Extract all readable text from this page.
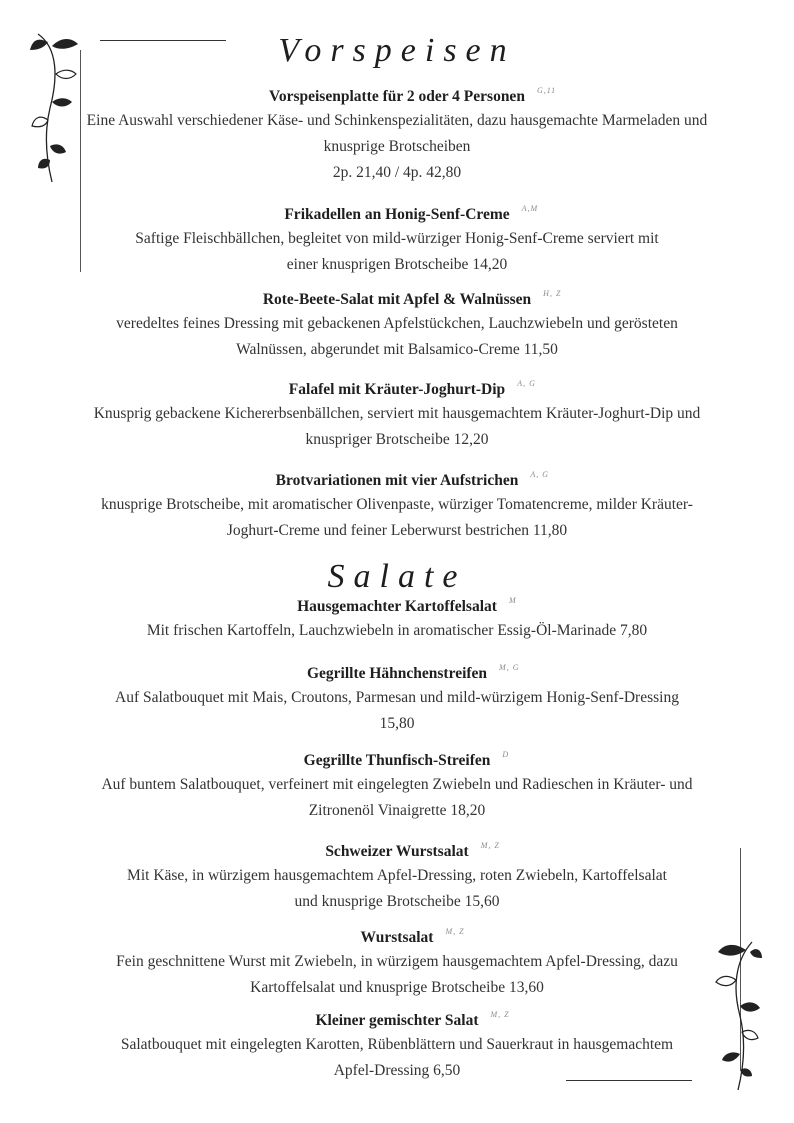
Vorspeisen
Vorspeisenplatte für 2 oder 4 Personen G,11
Eine Auswahl verschiedener Käse- und Schinkenspezialitäten, dazu hausgemachte Marmeladen und knusprige Brotscheiben
2p. 21,40 / 4p. 42,80
Frikadellen an Honig-Senf-Creme A,M
Saftige Fleischbällchen, begleitet von mild-würziger Honig-Senf-Creme serviert mit einer knusprigen Brotscheibe 14,20
Rote-Beete-Salat mit Apfel & Walnüssen H, Z
veredeltes feines Dressing mit gebackenen Apfelstückchen, Lauchzwiebeln und gerösteten Walnüssen, abgerundet mit Balsamico-Creme 11,50
Falafel mit Kräuter-Joghurt-Dip A, G
Knusprig gebackene Kichererbsenbällchen, serviert mit hausgemachtem Kräuter-Joghurt-Dip und knuspriger Brotscheibe 12,20
Brotvariationen mit vier Aufstrichen A, G
knusprige Brotscheibe, mit aromatischer Olivenpaste, würziger Tomatencreme, milder Kräuter-Joghurt-Creme und feiner Leberwurst bestrichen 11,80
Salate
Hausgemachter Kartoffelsalat M
Mit frischen Kartoffeln, Lauchzwiebeln in aromatischer Essig-Öl-Marinade 7,80
Gegrillte Hähnchenstreifen M, G
Auf Salatbouquet mit Mais, Croutons, Parmesan und mild-würzigem Honig-Senf-Dressing 15,80
Gegrillte Thunfisch-Streifen D
Auf buntem Salatbouquet, verfeinert mit eingelegten Zwiebeln und Radieschen in Kräuter- und Zitronenöl Vinaigrette 18,20
Schweizer Wurstsalat M, Z
Mit Käse, in würzigem hausgemachtem Apfel-Dressing, roten Zwiebeln, Kartoffelsalat und knusprige Brotscheibe 15,60
Wurstsalat M, Z
Fein geschnittene Wurst mit Zwiebeln, in würzigem hausgemachtem Apfel-Dressing, dazu Kartoffelsalat und knusprige Brotscheibe 13,60
Kleiner gemischter Salat M, Z
Salatbouquet mit eingelegten Karotten, Rübenblättern und Sauerkraut in hausgemachtem Apfel-Dressing 6,50
